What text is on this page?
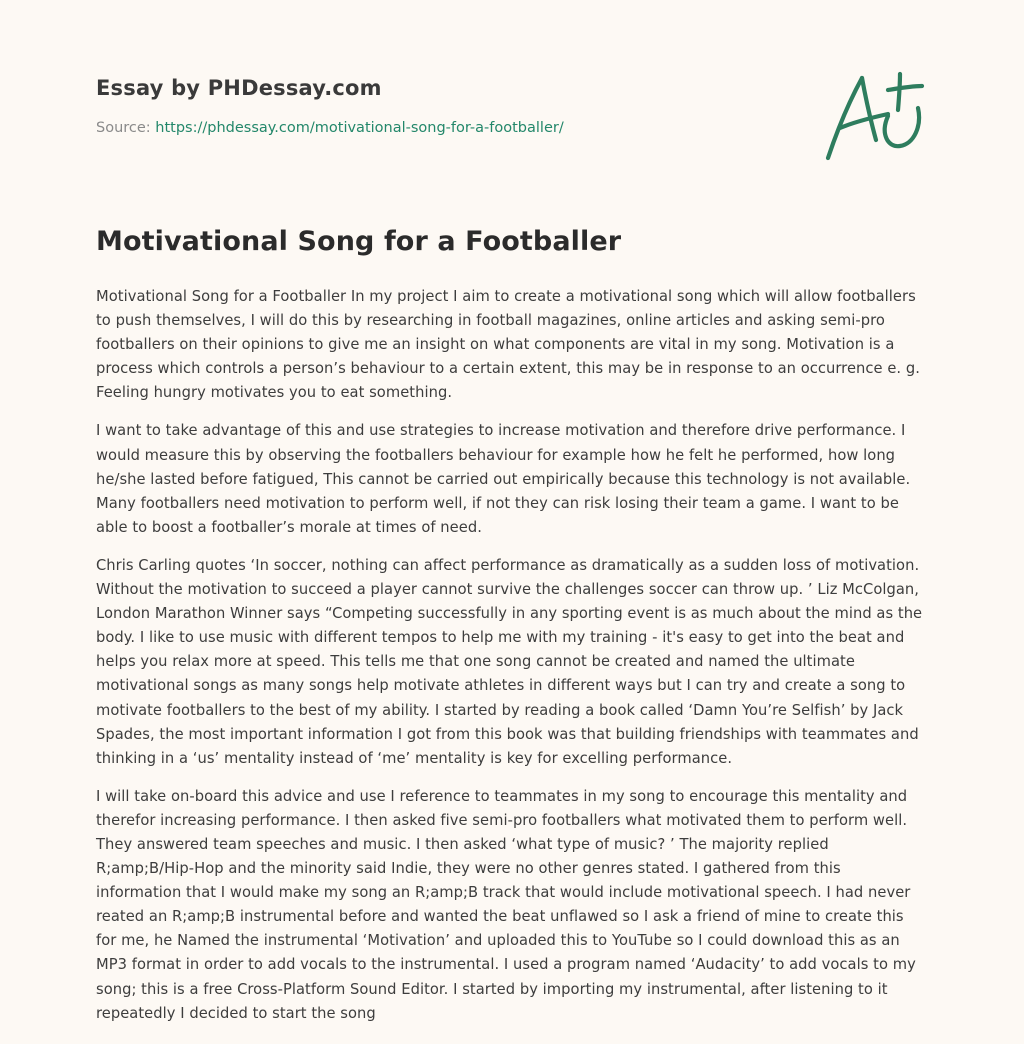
Essay by PHDessay.com
Source: https://phdessay.com/motivational-song-for-a-footballer/
Motivational Song for a Footballer

Motivational Song for a Footballer In my project I aim to create a motivational song which will allow footballers to push themselves, I will do this by researching in football magazines, online articles and asking semi-pro footballers on their opinions to give me an insight on what components are vital in my song. Motivation is a process which controls a person’s behaviour to a certain extent, this may be in response to an occurrence e. g. Feeling hungry motivates you to eat something.

I want to take advantage of this and use strategies to increase motivation and therefore drive performance. I would measure this by observing the footballers behaviour for example how he felt he performed, how long he/she lasted before fatigued, This cannot be carried out empirically because this technology is not available. Many footballers need motivation to perform well, if not they can risk losing their team a game. I want to be able to boost a footballer’s morale at times of need.

Chris Carling quotes ‘In soccer, nothing can affect performance as dramatically as a sudden loss of motivation. Without the motivation to succeed a player cannot survive the challenges soccer can throw up. ’ Liz McColgan, London Marathon Winner says “Competing successfully in any sporting event is as much about the mind as the body. I like to use music with different tempos to help me with my training - it's easy to get into the beat and helps you relax more at speed. This tells me that one song cannot be created and named the ultimate motivational songs as many songs help motivate athletes in different ways but I can try and create a song to motivate footballers to the best of my ability. I started by reading a book called ‘Damn You’re Selfish’ by Jack Spades, the most important information I got from this book was that building friendships with teammates and thinking in a ‘us’ mentality instead of ‘me’ mentality is key for excelling performance.

I will take on-board this advice and use I reference to teammates in my song to encourage this mentality and therefor increasing performance. I then asked five semi-pro footballers what motivated them to perform well. They answered team speeches and music. I then asked ‘what type of music? ’ The majority replied R;amp;B/Hip-Hop and the minority said Indie, they were no other genres stated. I gathered from this information that I would make my song an R;amp;B track that would include motivational speech. I had never reated an R;amp;B instrumental before and wanted the beat unflawed so I ask a friend of mine to create this for me, he Named the instrumental ‘Motivation’ and uploaded this to YouTube so I could download this as an MP3 format in order to add vocals to the instrumental. I used a program named ‘Audacity’ to add vocals to my song; this is a free Cross-Platform Sound Editor. I started by importing my instrumental, after listening to it repeatedly I decided to start the song
